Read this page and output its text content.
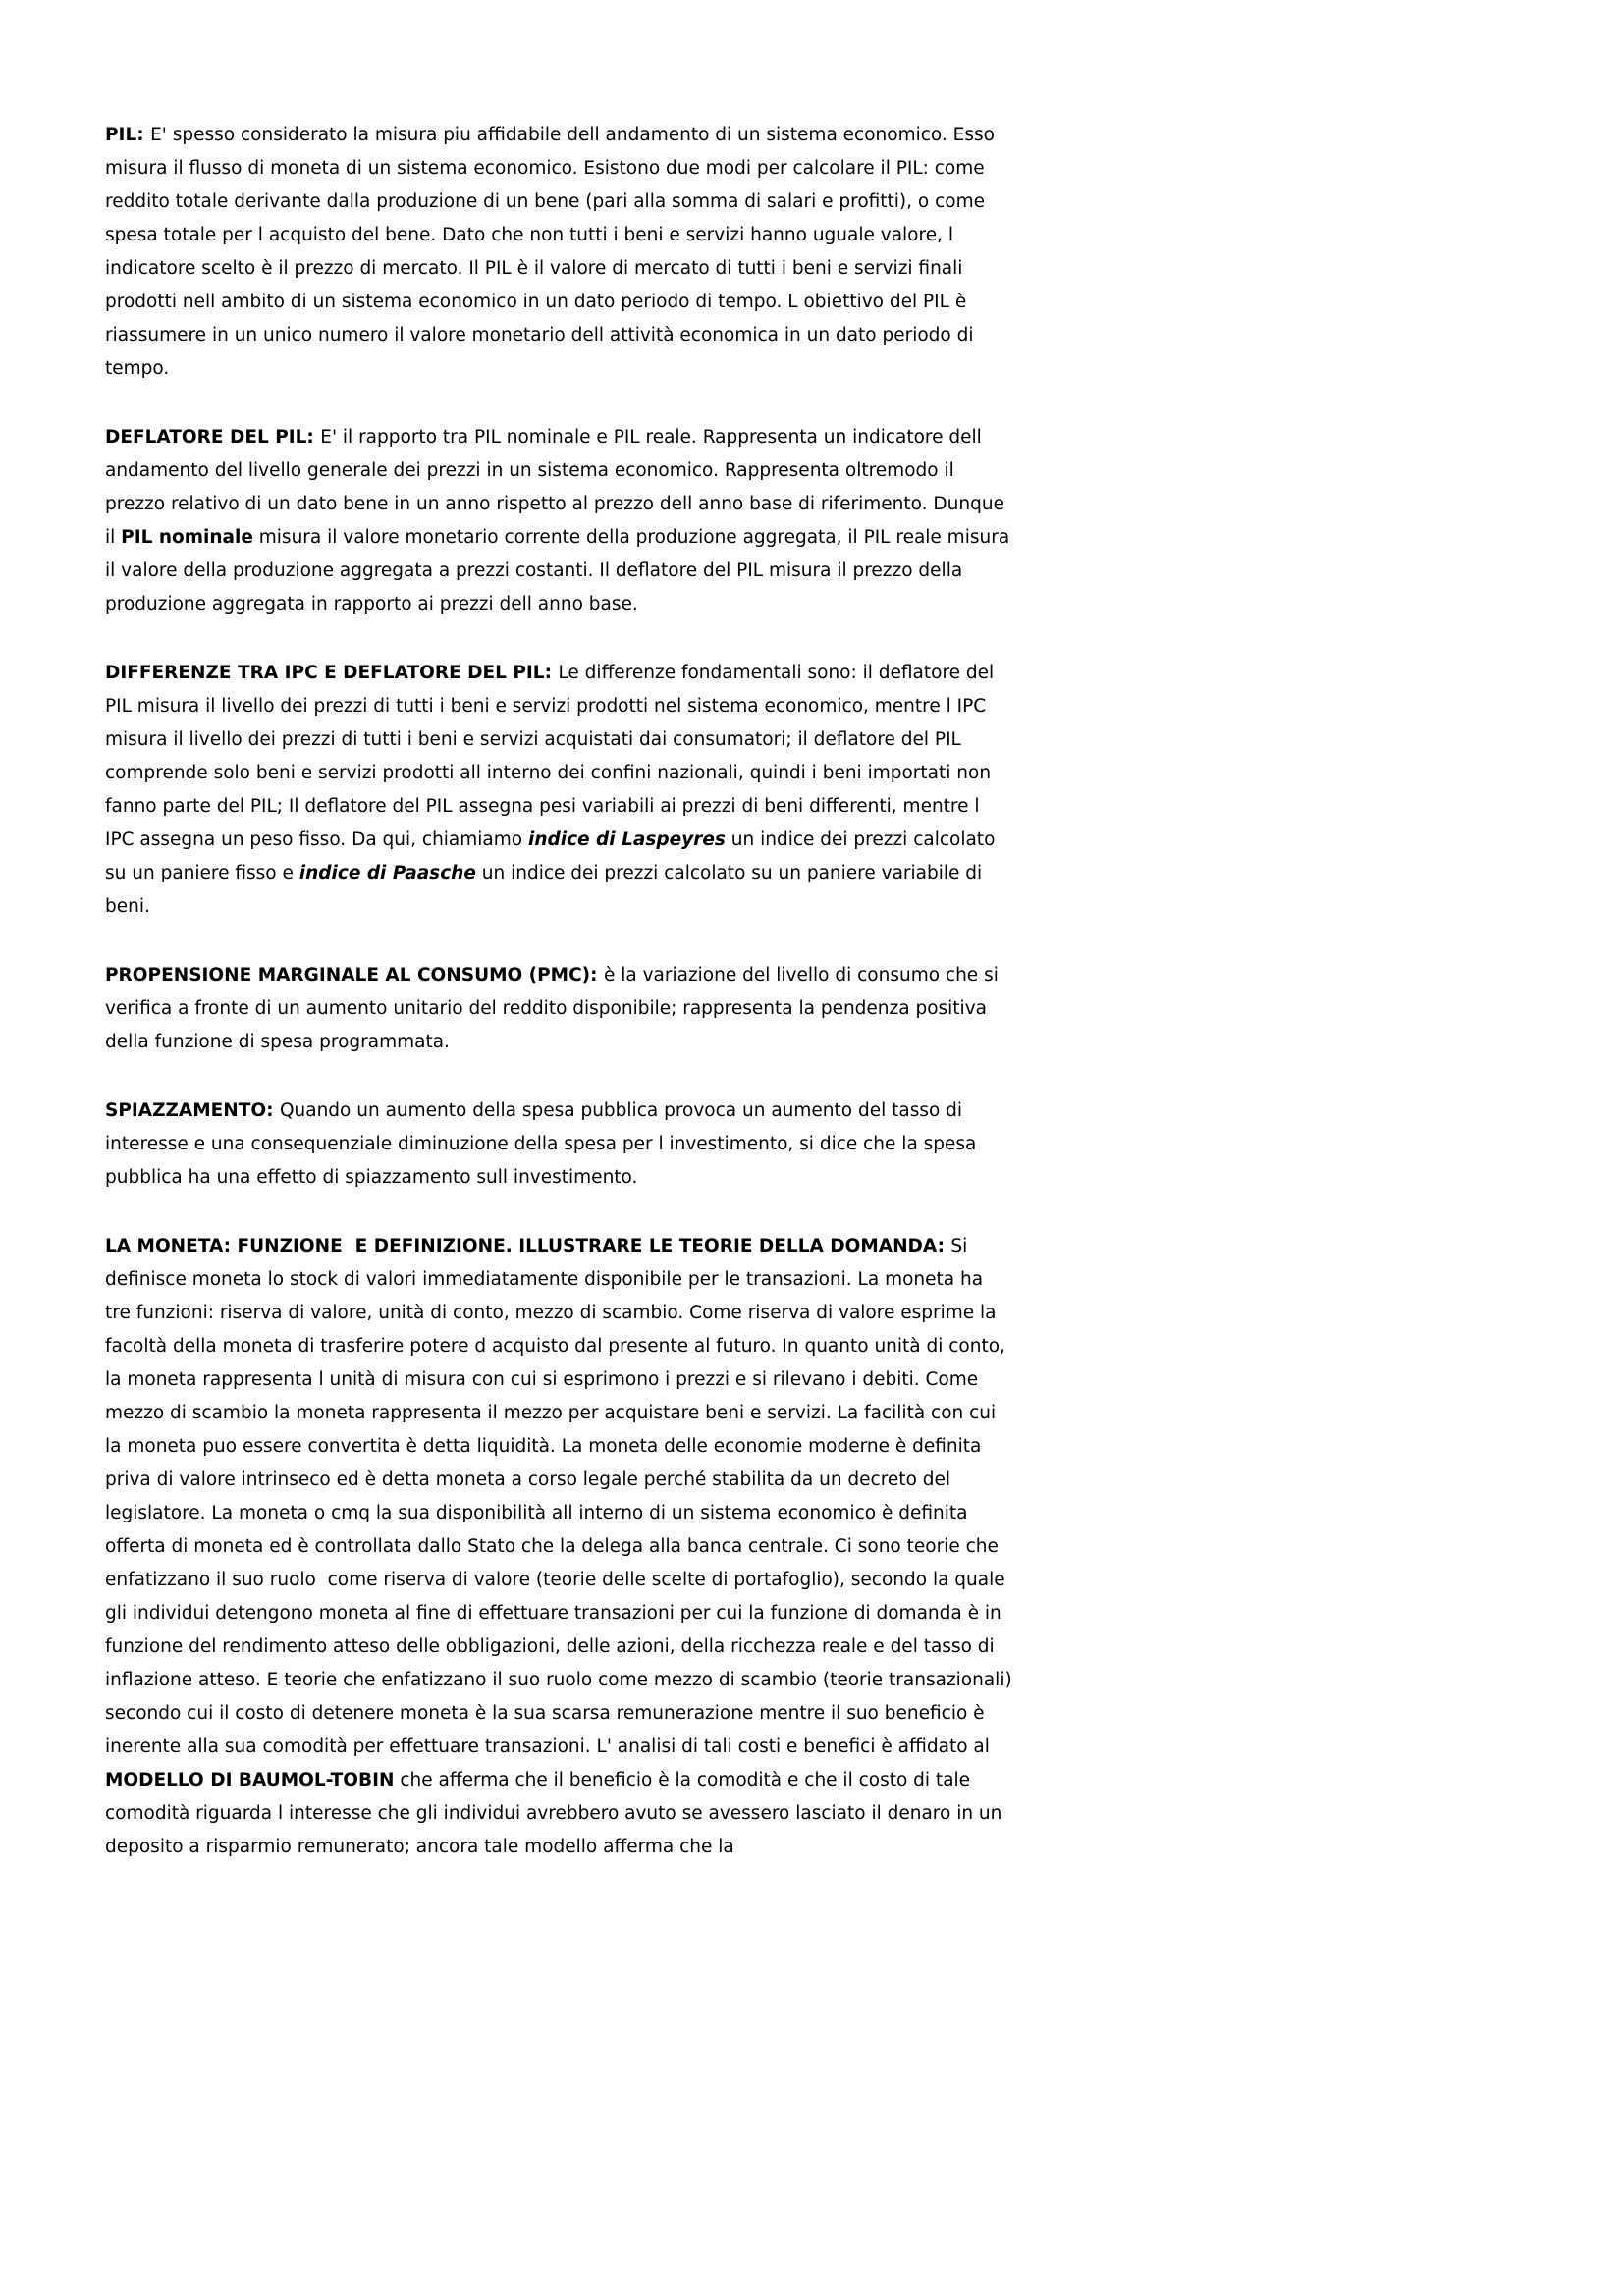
PIL: E' spesso considerato la misura piu affidabile dell andamento di un sistema economico. Esso misura il flusso di moneta di un sistema economico. Esistono due modi per calcolare il PIL: come reddito totale derivante dalla produzione di un bene (pari alla somma di salari e profitti), o come spesa totale per l acquisto del bene. Dato che non tutti i beni e servizi hanno uguale valore, l indicatore scelto è il prezzo di mercato. Il PIL è il valore di mercato di tutti i beni e servizi finali prodotti nell ambito di un sistema economico in un dato periodo di tempo. L obiettivo del PIL è riassumere in un unico numero il valore monetario dell attività economica in un dato periodo di tempo.

DEFLATORE DEL PIL: E' il rapporto tra PIL nominale e PIL reale. Rappresenta un indicatore dell andamento del livello generale dei prezzi in un sistema economico. Rappresenta oltremodo il prezzo relativo di un dato bene in un anno rispetto al prezzo dell anno base di riferimento. Dunque il PIL nominale misura il valore monetario corrente della produzione aggregata, il PIL reale misura il valore della produzione aggregata a prezzi costanti. Il deflatore del PIL misura il prezzo della produzione aggregata in rapporto ai prezzi dell anno base.

DIFFERENZE TRA IPC E DEFLATORE DEL PIL: Le differenze fondamentali sono: il deflatore del PIL misura il livello dei prezzi di tutti i beni e servizi prodotti nel sistema economico, mentre l IPC misura il livello dei prezzi di tutti i beni e servizi acquistati dai consumatori; il deflatore del PIL comprende solo beni e servizi prodotti all interno dei confini nazionali, quindi i beni importati non fanno parte del PIL; Il deflatore del PIL assegna pesi variabili ai prezzi di beni differenti, mentre l IPC assegna un peso fisso. Da qui, chiamiamo indice di Laspeyres un indice dei prezzi calcolato su un paniere fisso e indice di Paasche un indice dei prezzi calcolato su un paniere variabile di beni.

PROPENSIONE MARGINALE AL CONSUMO (PMC): è la variazione del livello di consumo che si verifica a fronte di un aumento unitario del reddito disponibile; rappresenta la pendenza positiva della funzione di spesa programmata.

SPIAZZAMENTO: Quando un aumento della spesa pubblica provoca un aumento del tasso di interesse e una consequenziale diminuzione della spesa per l investimento, si dice che la spesa pubblica ha una effetto di spiazzamento sull investimento.

LA MONETA: FUNZIONE  E DEFINIZIONE. ILLUSTRARE LE TEORIE DELLA DOMANDA: Si definisce moneta lo stock di valori immediatamente disponibile per le transazioni. La moneta ha tre funzioni: riserva di valore, unità di conto, mezzo di scambio. Come riserva di valore esprime la facoltà della moneta di trasferire potere d acquisto dal presente al futuro. In quanto unità di conto, la moneta rappresenta l unità di misura con cui si esprimono i prezzi e si rilevano i debiti. Come mezzo di scambio la moneta rappresenta il mezzo per acquistare beni e servizi. La facilità con cui la moneta puo essere convertita è detta liquidità. La moneta delle economie moderne è definita priva di valore intrinseco ed è detta moneta a corso legale perché stabilita da un decreto del legislatore. La moneta o cmq la sua disponibilità all interno di un sistema economico è definita offerta di moneta ed è controllata dallo Stato che la delega alla banca centrale. Ci sono teorie che enfatizzano il suo ruolo  come riserva di valore (teorie delle scelte di portafoglio), secondo la quale gli individui detengono moneta al fine di effettuare transazioni per cui la funzione di domanda è in funzione del rendimento atteso delle obbligazioni, delle azioni, della ricchezza reale e del tasso di inflazione atteso. E teorie che enfatizzano il suo ruolo come mezzo di scambio (teorie transazionali) secondo cui il costo di detenere moneta è la sua scarsa remunerazione mentre il suo beneficio è inerente alla sua comodità per effettuare transazioni. L' analisi di tali costi e benefici è affidato al MODELLO DI BAUMOL-TOBIN che afferma che il beneficio è la comodità e che il costo di tale comodità riguarda l interesse che gli individui avrebbero avuto se avessero lasciato il denaro in un deposito a risparmio remunerato; ancora tale modello afferma che la
